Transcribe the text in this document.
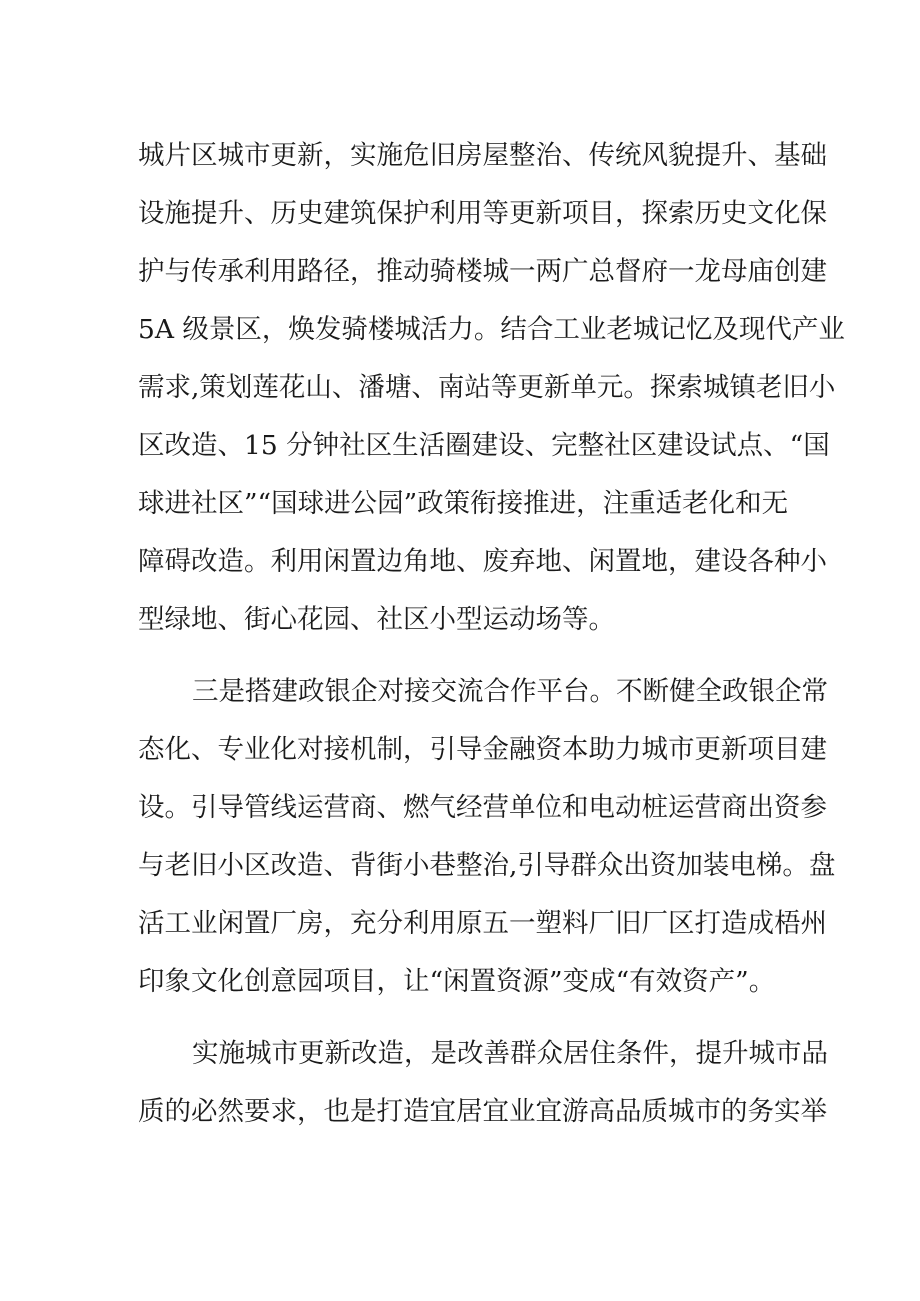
城片区城市更新，实施危旧房屋整治、传统风貌提升、基础
设施提升、历史建筑保护利用等更新项目，探索历史文化保
护与传承利用路径，推动骑楼城一两广总督府一龙母庙创建
5A 级景区，焕发骑楼城活力。结合工业老城记忆及现代产业
需求,策划莲花山、潘塘、南站等更新单元。探索城镇老旧小
区改造、15 分钟社区生活圈建设、完整社区建设试点、“国
球进社区”“国球进公园”政策衔接推进，注重适老化和无
障碍改造。利用闲置边角地、废弃地、闲置地，建设各种小
型绿地、街心花园、社区小型运动场等。
三是搭建政银企对接交流合作平台。不断健全政银企常
态化、专业化对接机制，引导金融资本助力城市更新项目建
设。引导管线运营商、燃气经营单位和电动桩运营商出资参
与老旧小区改造、背街小巷整治,引导群众出资加装电梯。盘
活工业闲置厂房，充分利用原五一塑料厂旧厂区打造成梧州
印象文化创意园项目，让“闲置资源”变成“有效资产”。
实施城市更新改造，是改善群众居住条件，提升城市品
质的必然要求，也是打造宜居宜业宜游高品质城市的务实举
